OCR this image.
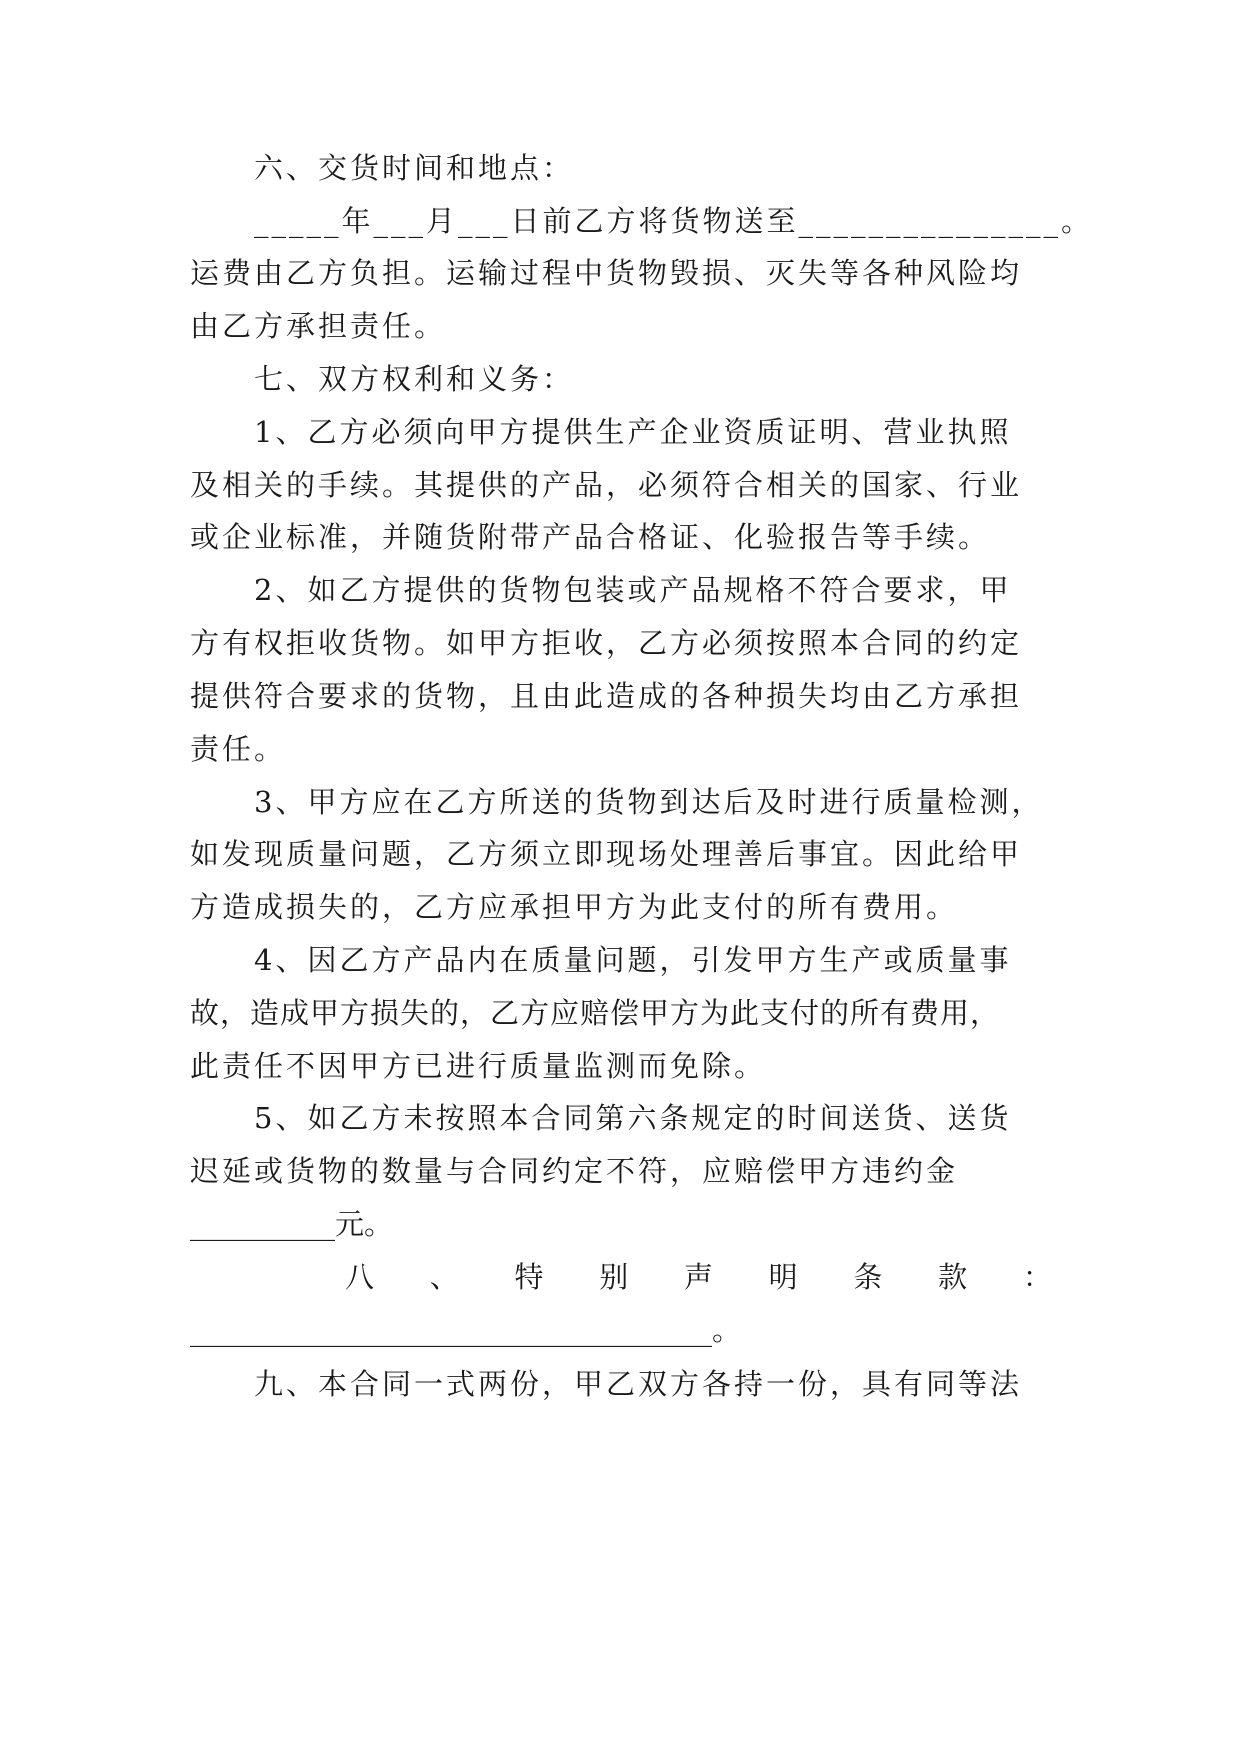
六、交货时间和地点：
_____年___月___日前乙方将货物送至_______________。
运费由乙方负担。运输过程中货物毁损、灭失等各种风险均
由乙方承担责任。
七、双方权利和义务：
1、乙方必须向甲方提供生产企业资质证明、营业执照
及相关的手续。其提供的产品，必须符合相关的国家、行业
或企业标准，并随货附带产品合格证、化验报告等手续。
2、如乙方提供的货物包装或产品规格不符合要求，甲
方有权拒收货物。如甲方拒收，乙方必须按照本合同的约定
提供符合要求的货物，且由此造成的各种损失均由乙方承担
责任。
3、甲方应在乙方所送的货物到达后及时进行质量检测，
如发现质量问题，乙方须立即现场处理善后事宜。因此给甲
方造成损失的，乙方应承担甲方为此支付的所有费用。
4、因乙方产品内在质量问题，引发甲方生产或质量事
故，造成甲方损失的，乙方应赔偿甲方为此支付的所有费用，
此责任不因甲方已进行质量监测而免除。
5、如乙方未按照本合同第六条规定的时间送货、送货
迟延或货物的数量与合同约定不符，应赔偿甲方违约金
__________元。
八 、 特 别 声 明 条 款 ：
____________________________________。
九、本合同一式两份，甲乙双方各持一份，具有同等法
